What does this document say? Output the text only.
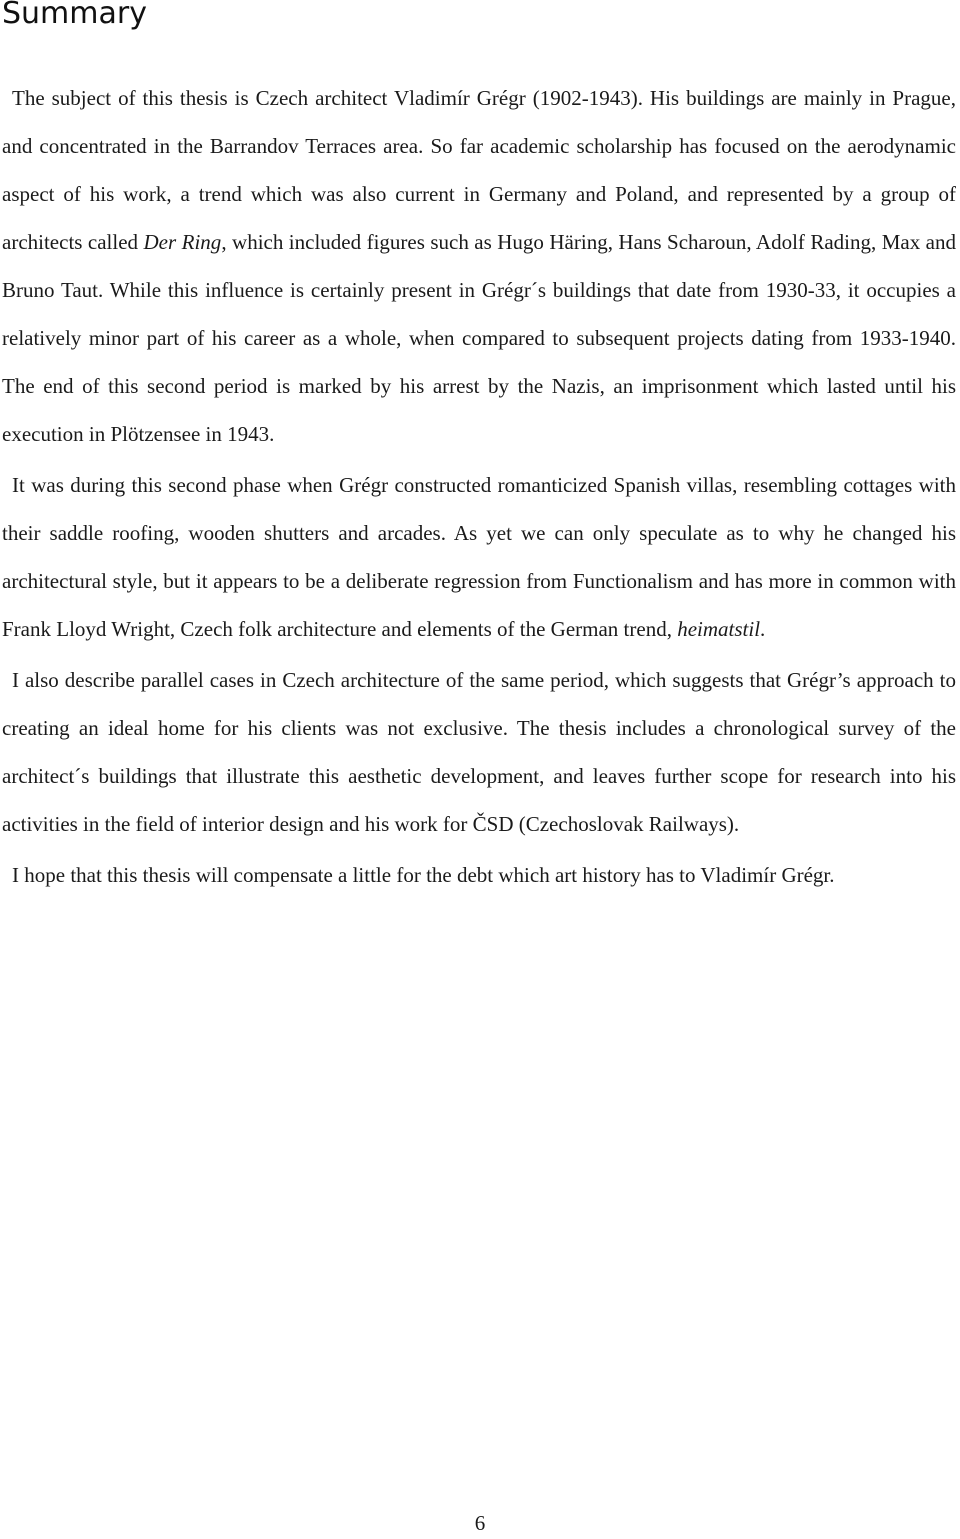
Summary

The subject of this thesis is Czech architect Vladimír Grégr (1902-1943). His buildings are mainly in Prague, and concentrated in the Barrandov Terraces area. So far academic scholarship has focused on the aerodynamic aspect of his work, a trend which was also current in Germany and Poland, and represented by a group of architects called Der Ring, which included figures such as Hugo Häring, Hans Scharoun, Adolf Rading, Max and Bruno Taut. While this influence is certainly present in Grégr´s buildings that date from 1930-33, it occupies a relatively minor part of his career as a whole, when compared to subsequent projects dating from 1933-1940. The end of this second period is marked by his arrest by the Nazis, an imprisonment which lasted until his execution in Plötzensee in 1943.

It was during this second phase when Grégr constructed romanticized Spanish villas, resembling cottages with their saddle roofing, wooden shutters and arcades. As yet we can only speculate as to why he changed his architectural style, but it appears to be a deliberate regression from Functionalism and has more in common with Frank Lloyd Wright, Czech folk architecture and elements of the German trend, heimatstil.

I also describe parallel cases in Czech architecture of the same period, which suggests that Grégr’s approach to creating an ideal home for his clients was not exclusive. The thesis includes a chronological survey of the architect´s buildings that illustrate this aesthetic development, and leaves further scope for research into his activities in the field of interior design and his work for ČSD (Czechoslovak Railways).

I hope that this thesis will compensate a little for the debt which art history has to Vladimír Grégr.

6
